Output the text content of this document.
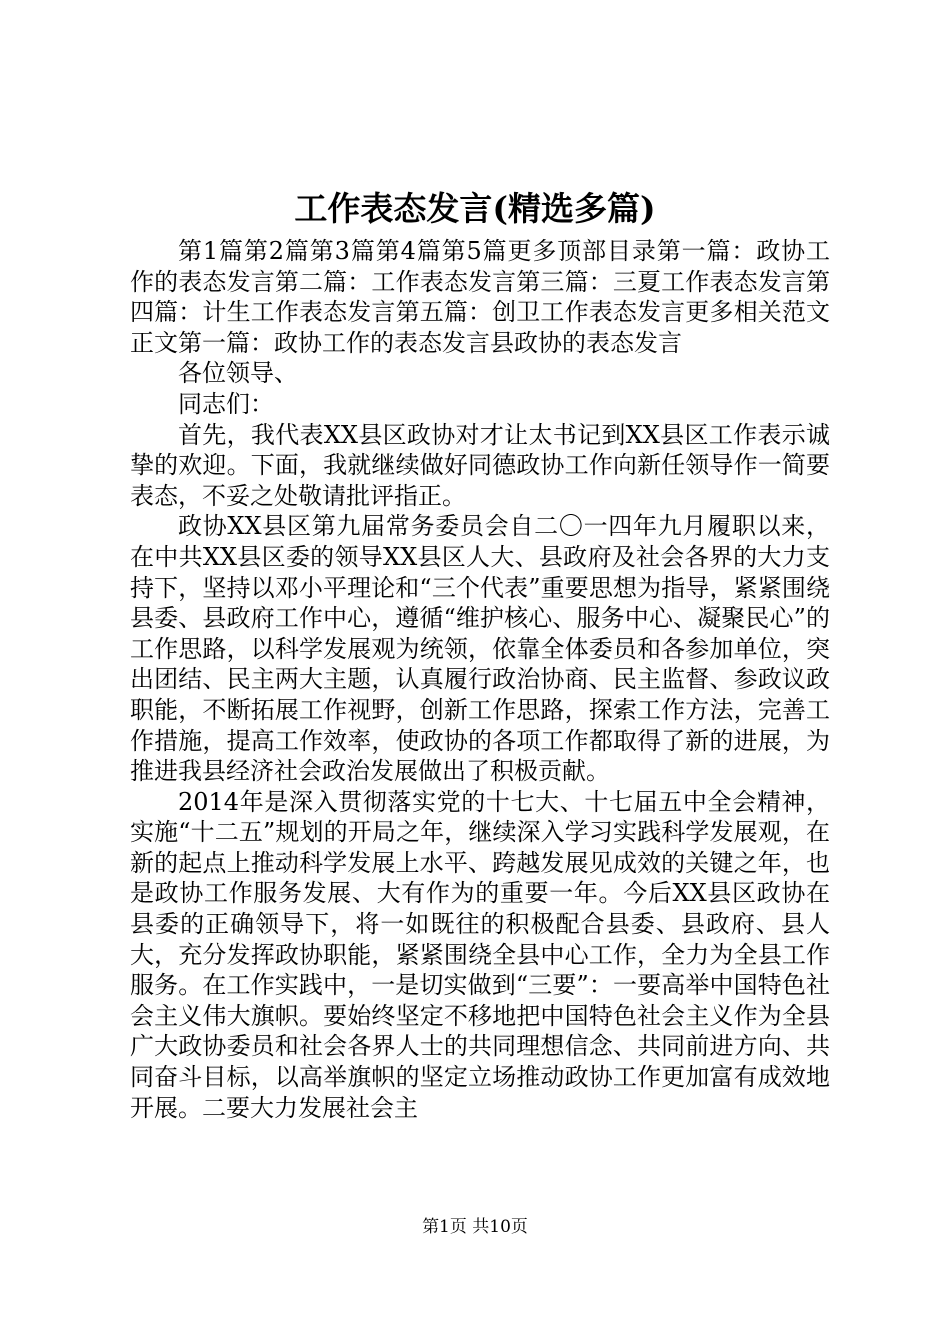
工作表态发言(精选多篇)

第1篇第2篇第3篇第4篇第5篇更多顶部目录第一篇：政协工作的表态发言第二篇：工作表态发言第三篇：三夏工作表态发言第四篇：计生工作表态发言第五篇：创卫工作表态发言更多相关范文正文第一篇：政协工作的表态发言县政协的表态发言

各位领导、

同志们：

首先，我代表XX县区政协对才让太书记到XX县区工作表示诚挚的欢迎。下面，我就继续做好同德政协工作向新任领导作一简要表态，不妥之处敬请批评指正。

政协XX县区第九届常务委员会自二〇一四年九月履职以来，在中共XX县区委的领导XX县区人大、县政府及社会各界的大力支持下，坚持以邓小平理论和“三个代表”重要思想为指导，紧紧围绕县委、县政府工作中心，遵循“维护核心、服务中心、凝聚民心”的工作思路，以科学发展观为统领，依靠全体委员和各参加单位，突出团结、民主两大主题，认真履行政治协商、民主监督、参政议政职能，不断拓展工作视野，创新工作思路，探索工作方法，完善工作措施，提高工作效率，使政协的各项工作都取得了新的进展，为推进我县经济社会政治发展做出了积极贡献。

2014年是深入贯彻落实党的十七大、十七届五中全会精神，实施“十二五”规划的开局之年，继续深入学习实践科学发展观，在新的起点上推动科学发展上水平、跨越发展见成效的关键之年，也是政协工作服务发展、大有作为的重要一年。今后XX县区政协在县委的正确领导下，将一如既往的积极配合县委、县政府、县人大，充分发挥政协职能，紧紧围绕全县中心工作，全力为全县工作服务。在工作实践中，一是切实做到“三要”：一要高举中国特色社会主义伟大旗帜。要始终坚定不移地把中国特色社会主义作为全县广大政协委员和社会各界人士的共同理想信念、共同前进方向、共同奋斗目标，以高举旗帜的坚定立场推动政协工作更加富有成效地开展。二要大力发展社会主

第1页 共10页
